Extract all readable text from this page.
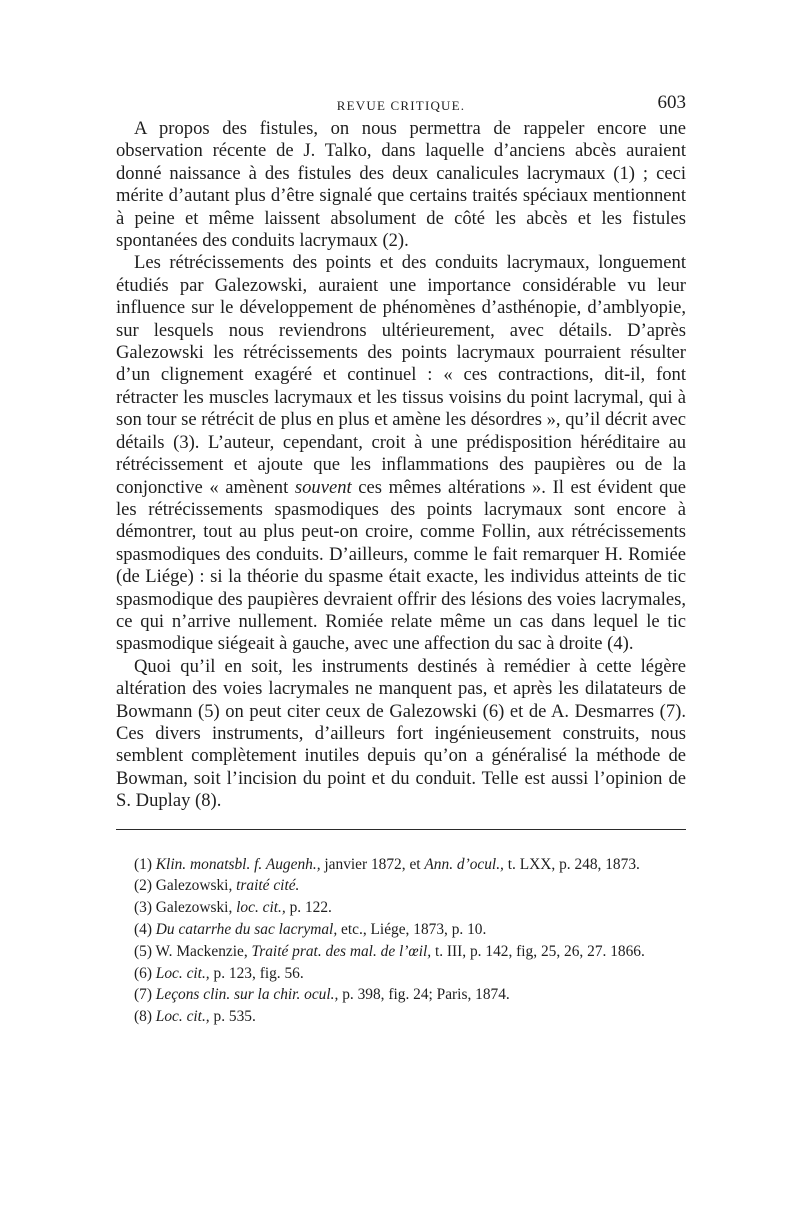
REVUE CRITIQUE.	603

A propos des fistules, on nous permettra de rappeler encore une observation récente de J. Talko, dans laquelle d’anciens abcès auraient donné naissance à des fistules des deux canalicules lacrymaux (1) ; ceci mérite d’autant plus d’être signalé que certains traités spéciaux mentionnent à peine et même laissent absolument de côté les abcès et les fistules spontanées des conduits lacrymaux (2).

Les rétrécissements des points et des conduits lacrymaux, longuement étudiés par Galezowski, auraient une importance considérable vu leur influence sur le développement de phénomènes d’asthénopie, d’amblyopie, sur lesquels nous reviendrons ultérieurement, avec détails. D’après Galezowski les rétrécissements des points lacrymaux pourraient résulter d’un clignement exagéré et continuel : « ces contractions, dit-il, font rétracter les muscles lacrymaux et les tissus voisins du point lacrymal, qui à son tour se rétrécit de plus en plus et amène les désordres », qu’il décrit avec détails (3). L’auteur, cependant, croit à une prédisposition héréditaire au rétrécissement et ajoute que les inflammations des paupières ou de la conjonctive « amènent souvent ces mêmes altérations ». Il est évident que les rétrécissements spasmodiques des points lacrymaux sont encore à démontrer, tout au plus peut-on croire, comme Follin, aux rétrécissements spasmodiques des conduits. D’ailleurs, comme le fait remarquer H. Romiée (de Liége) : si la théorie du spasme était exacte, les individus atteints de tic spasmodique des paupières devraient offrir des lésions des voies lacrymales, ce qui n’arrive nullement. Romiée relate même un cas dans lequel le tic spasmodique siégeait à gauche, avec une affection du sac à droite (4).

Quoi qu’il en soit, les instruments destinés à remédier à cette légère altération des voies lacrymales ne manquent pas, et après les dilatateurs de Bowmann (5) on peut citer ceux de Galezowski (6) et de A. Desmarres (7). Ces divers instruments, d’ailleurs fort ingénieusement construits, nous semblent complètement inutiles depuis qu’on a généralisé la méthode de Bowman, soit l’incision du point et du conduit. Telle est aussi l’opinion de S. Duplay (8).

(1) Klin. monatsbl. f. Augenh., janvier 1872, et Ann. d’ocul., t. LXX, p. 248, 1873.

(2) Galezowski, traité cité.

(3) Galezowski, loc. cit., p. 122.

(4) Du catarrhe du sac lacrymal, etc., Liége, 1873, p. 10.

(5) W. Mackenzie, Traité prat. des mal. de l’œil, t. III, p. 142, fig, 25, 26, 27. 1866.

(6) Loc. cit., p. 123, fig. 56.

(7) Leçons clin. sur la chir. ocul., p. 398, fig. 24; Paris, 1874.

(8) Loc. cit., p. 535.
